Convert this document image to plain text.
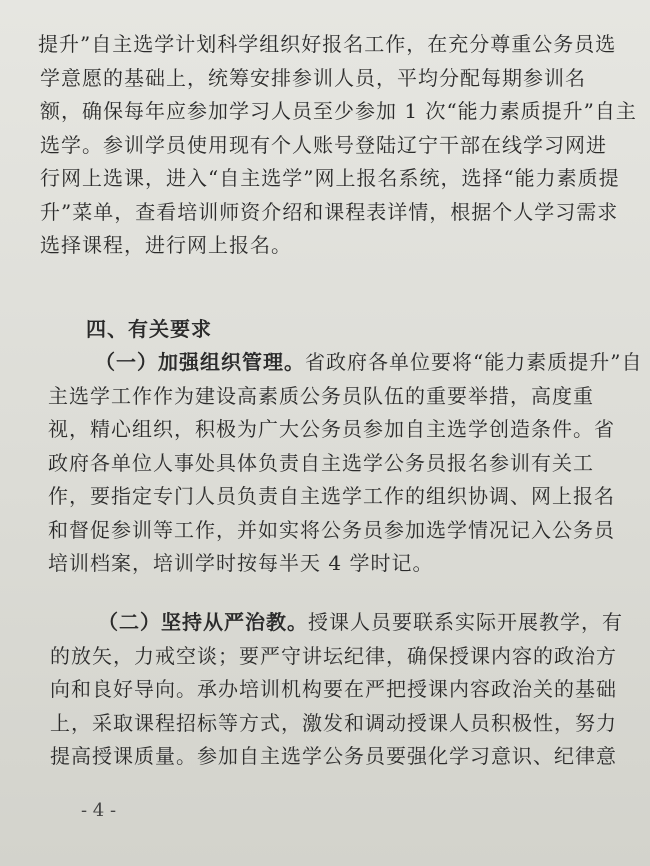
提升”自主选学计划科学组织好报名工作，在充分尊重公务员选
学意愿的基础上，统筹安排参训人员，平均分配每期参训名
额，确保每年应参加学习人员至少参加 1 次“能力素质提升”自主
选学。参训学员使用现有个人账号登陆辽宁干部在线学习网进
行网上选课，进入“自主选学”网上报名系统，选择“能力素质提
升”菜单，查看培训师资介绍和课程表详情，根据个人学习需求
选择课程，进行网上报名。
四、有关要求
（一）加强组织管理。省政府各单位要将“能力素质提升”自
主选学工作作为建设高素质公务员队伍的重要举措，高度重
视，精心组织，积极为广大公务员参加自主选学创造条件。省
政府各单位人事处具体负责自主选学公务员报名参训有关工
作，要指定专门人员负责自主选学工作的组织协调、网上报名
和督促参训等工作，并如实将公务员参加选学情况记入公务员
培训档案，培训学时按每半天 4 学时记。
（二）坚持从严治教。授课人员要联系实际开展教学，有
的放矢，力戒空谈；要严守讲坛纪律，确保授课内容的政治方
向和良好导向。承办培训机构要在严把授课内容政治关的基础
上，采取课程招标等方式，激发和调动授课人员积极性，努力
提高授课质量。参加自主选学公务员要强化学习意识、纪律意
- 4 -
